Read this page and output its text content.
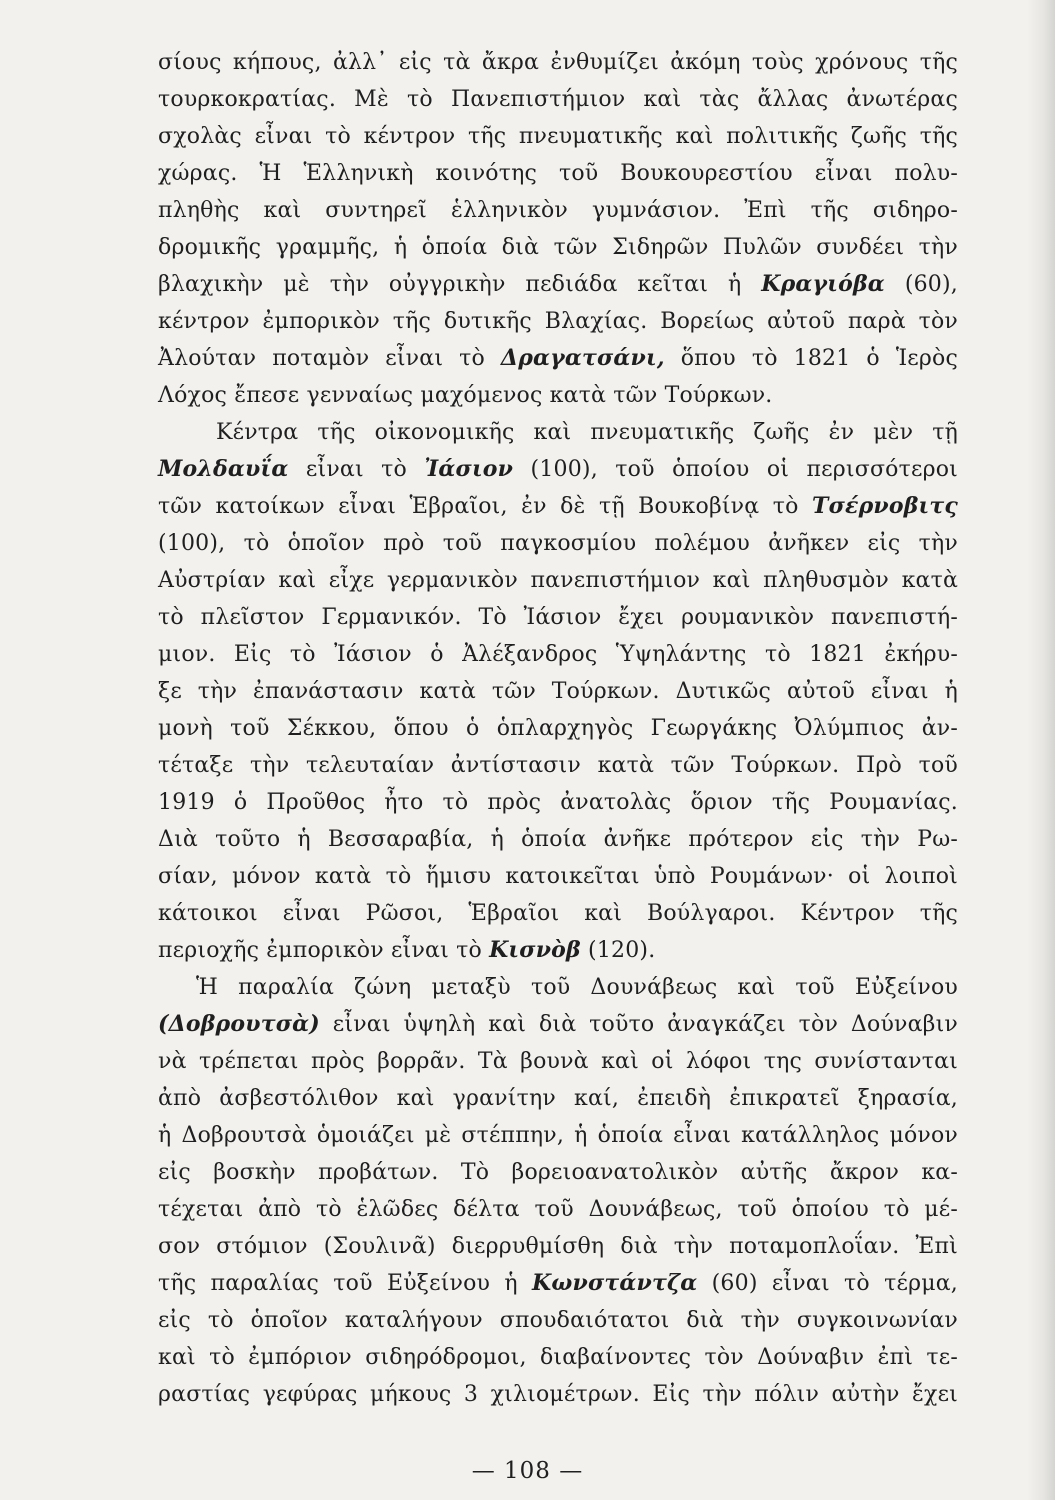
σίους κήπους, ἀλλ᾿ εἰς τὰ ἄκρα ἐνθυμίζει ἀκόμη τοὺς χρόνους τῆς
τουρκοκρατίας. Μὲ τὸ Πανεπιστήμιον καὶ τὰς ἄλλας ἀνωτέρας
σχολὰς εἶναι τὸ κέντρον τῆς πνευματικῆς καὶ πολιτικῆς ζωῆς τῆς
χώρας. Ἡ Ἑλληνικὴ κοινότης τοῦ Βουκουρεστίου εἶναι πολυ-
πληθὴς καὶ συντηρεῖ ἑλληνικὸν γυμνάσιον. Ἐπὶ τῆς σιδηρο-
δρομικῆς γραμμῆς, ἡ ὁποία διὰ τῶν Σιδηρῶν Πυλῶν συνδέει τὴν
βλαχικὴν μὲ τὴν οὐγγρικὴν πεδιάδα κεῖται ἡ Κραγιόβα (60),
κέντρον ἐμπορικὸν τῆς δυτικῆς Βλαχίας. Βορείως αὐτοῦ παρὰ τὸν
Ἀλούταν ποταμὸν εἶναι τὸ Δραγατσάνι, ὅπου τὸ 1821 ὁ Ἱερὸς
Λόχος ἔπεσε γενναίως μαχόμενος κατὰ τῶν Τούρκων.
Κέντρα τῆς οἰκονομικῆς καὶ πνευματικῆς ζωῆς ἐν μὲν τῇ
Μολδαυΐα εἶναι τὸ Ἰάσιον (100), τοῦ ὁποίου οἱ περισσότεροι
τῶν κατοίκων εἶναι Ἑβραῖοι, ἐν δὲ τῇ Βουκοβίνᾳ τὸ Τσέρνοβιτς
(100), τὸ ὁποῖον πρὸ τοῦ παγκοσμίου πολέμου ἀνῆκεν εἰς τὴν
Αὐστρίαν καὶ εἶχε γερμανικὸν πανεπιστήμιον καὶ πληθυσμὸν κατὰ
τὸ πλεῖστον Γερμανικόν. Τὸ Ἰάσιον ἔχει ρουμανικὸν πανεπιστή-
μιον. Εἰς τὸ Ἰάσιον ὁ Ἀλέξανδρος Ὑψηλάντης τὸ 1821 ἐκήρυ-
ξε τὴν ἐπανάστασιν κατὰ τῶν Τούρκων. Δυτικῶς αὐτοῦ εἶναι ἡ
μονὴ τοῦ Σέκκου, ὅπου ὁ ὁπλαρχηγὸς Γεωργάκης Ὀλύμπιος ἀν-
τέταξε τὴν τελευταίαν ἀντίστασιν κατὰ τῶν Τούρκων. Πρὸ τοῦ
1919 ὁ Προῦθος ἦτο τὸ πρὸς ἀνατολὰς ὅριον τῆς Ρουμανίας.
Διὰ τοῦτο ἡ Βεσσαραβία, ἡ ὁποία ἀνῆκε πρότερον εἰς τὴν Ρω-
σίαν, μόνον κατὰ τὸ ἥμισυ κατοικεῖται ὑπὸ Ρουμάνων· οἱ λοιποὶ
κάτοικοι εἶναι Ρῶσοι, Ἑβραῖοι καὶ Βούλγαροι. Κέντρον τῆς
περιοχῆς ἐμπορικὸν εἶναι τὸ Κισνὸβ (120).
Ἡ παραλία ζώνη μεταξὺ τοῦ Δουνάβεως καὶ τοῦ Εὐξείνου
(Δοβρουτσὰ) εἶναι ὑψηλὴ καὶ διὰ τοῦτο ἀναγκάζει τὸν Δούναβιν
νὰ τρέπεται πρὸς βορρᾶν. Τὰ βουνὰ καὶ οἱ λόφοι της συνίστανται
ἀπὸ ἀσβεστόλιθον καὶ γρανίτην καί, ἐπειδὴ ἐπικρατεῖ ξηρασία,
ἡ Δοβρουτσὰ ὁμοιάζει μὲ στέππην, ἡ ὁποία εἶναι κατάλληλος μόνον
εἰς βοσκὴν προβάτων. Τὸ βορειοανατολικὸν αὐτῆς ἄκρον κα-
τέχεται ἀπὸ τὸ ἑλῶδες δέλτα τοῦ Δουνάβεως, τοῦ ὁποίου τὸ μέ-
σον στόμιον (Σουλινᾶ) διερρυθμίσθη διὰ τὴν ποταμοπλοΐαν. Ἐπὶ
τῆς παραλίας τοῦ Εὐξείνου ἡ Κωνστάντζα (60) εἶναι τὸ τέρμα,
εἰς τὸ ὁποῖον καταλήγουν σπουδαιότατοι διὰ τὴν συγκοινωνίαν
καὶ τὸ ἐμπόριον σιδηρόδρομοι, διαβαίνοντες τὸν Δούναβιν ἐπὶ τε-
ραστίας γεφύρας μήκους 3 χιλιομέτρων. Εἰς τὴν πόλιν αὐτὴν ἔχει
— 108 —
